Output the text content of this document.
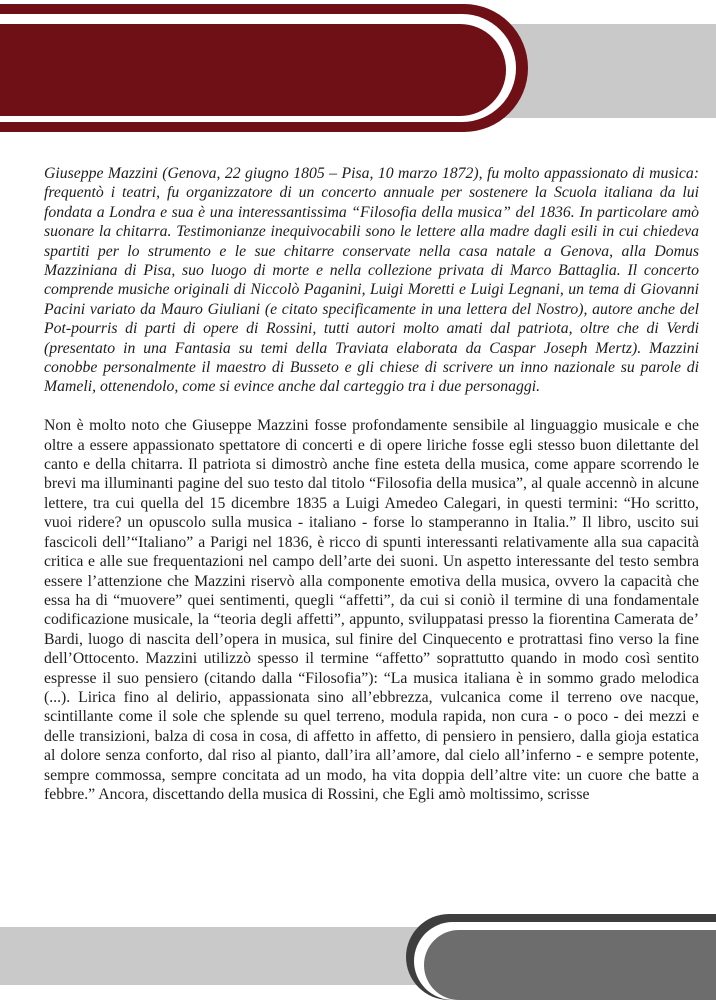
Giuseppe Mazzini (Genova, 22 giugno 1805 – Pisa, 10 marzo 1872), fu molto appassionato di musica: frequentò i teatri, fu organizzatore di un concerto annuale per sostenere la Scuola italiana da lui fondata a Londra e sua è una interessantissima “Filosofia della musica” del 1836. In particolare amò suonare la chitarra. Testimonianze inequivocabili sono le lettere alla madre dagli esili in cui chiedeva spartiti per lo strumento e le sue chitarre conservate nella casa natale a Genova, alla Domus Mazziniana di Pisa, suo luogo di morte e nella collezione privata di Marco Battaglia. Il concerto comprende musiche originali di Niccolò Paganini, Luigi Moretti e Luigi Legnani, un tema di Giovanni Pacini variato da Mauro Giuliani (e citato specificamente in una lettera del Nostro), autore anche del Pot-pourris di parti di opere di Rossini, tutti autori molto amati dal patriota, oltre che di Verdi (presentato in una Fantasia su temi della Traviata elaborata da Caspar Joseph Mertz). Mazzini conobbe personalmente il maestro di Busseto e gli chiese di scrivere un inno nazionale su parole di Mameli, ottenendolo, come si evince anche dal carteggio tra i due personaggi.

Non è molto noto che Giuseppe Mazzini fosse profondamente sensibile al linguaggio musicale e che oltre a essere appassionato spettatore di concerti e di opere liriche fosse egli stesso buon dilettante del canto e della chitarra. Il patriota si dimostrò anche fine esteta della musica, come appare scorrendo le brevi ma illuminanti pagine del suo testo dal titolo “Filosofia della musica”, al quale accennò in alcune lettere, tra cui quella del 15 dicembre 1835 a Luigi Amedeo Calegari, in questi termini: “Ho scritto, vuoi ridere? un opuscolo sulla musica - italiano - forse lo stamperanno in Italia.” Il libro, uscito sui fascicoli dell’“Italiano” a Parigi nel 1836, è ricco di spunti interessanti relativamente alla sua capacità critica e alle sue frequentazioni nel campo dell’arte dei suoni. Un aspetto interessante del testo sembra essere l’attenzione che Mazzini riservò alla componente emotiva della musica, ovvero la capacità che essa ha di “muovere” quei sentimenti, quegli “affetti”, da cui si coniò il termine di una fondamentale codificazione musicale, la “teoria degli affetti”, appunto, sviluppatasi presso la fiorentina Camerata de’ Bardi, luogo di nascita dell’opera in musica, sul finire del Cinquecento e protrattasi fino verso la fine dell’Ottocento. Mazzini utilizzò spesso il termine “affetto” soprattutto quando in modo così sentito espresse il suo pensiero (citando dalla “Filosofia”): “La musica italiana è in sommo grado melodica (...). Lirica fino al delirio, appassionata sino all’ebbrezza, vulcanica come il terreno ove nacque, scintillante come il sole che splende su quel terreno, modula rapida, non cura - o poco - dei mezzi e delle transizioni, balza di cosa in cosa, di affetto in affetto, di pensiero in pensiero, dalla gioja estatica al dolore senza conforto, dal riso al pianto, dall’ira all’amore, dal cielo all’inferno - e sempre potente, sempre commossa, sempre concitata ad un modo, ha vita doppia dell’altre vite: un cuore che batte a febbre.” Ancora, discettando della musica di Rossini, che Egli amò moltissimo, scrisse
